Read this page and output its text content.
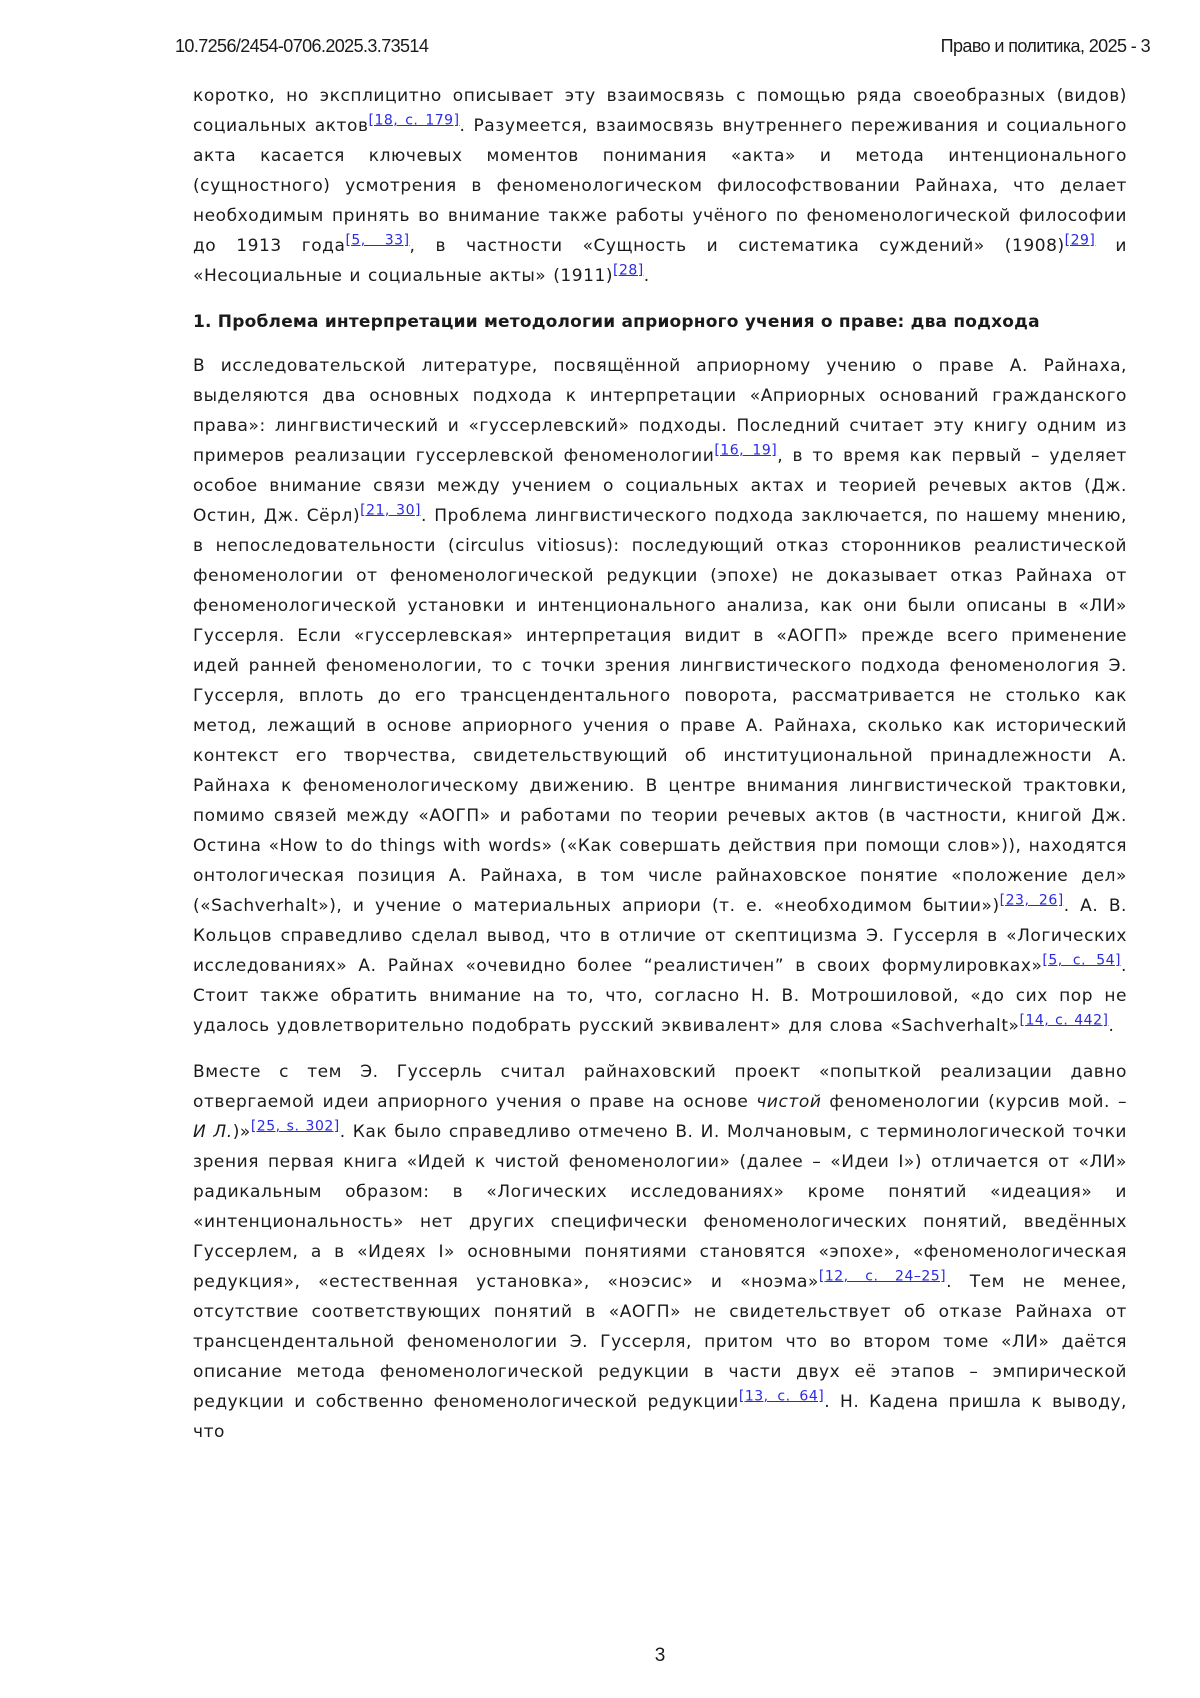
10.7256/2454-0706.2025.3.73514	Право и политика, 2025 - 3

коротко, но эксплицитно описывает эту взаимосвязь с помощью ряда своеобразных (видов) социальных актов[18, с. 179]. Разумеется, взаимосвязь внутреннего переживания и социального акта касается ключевых моментов понимания «акта» и метода интенционального (сущностного) усмотрения в феноменологическом философствовании Райнаха, что делает необходимым принять во внимание также работы учёного по феноменологической философии до 1913 года[5, 33], в частности «Сущность и систематика суждений» (1908)[29] и «Несоциальные и социальные акты» (1911)[28].

1. Проблема интерпретации методологии априорного учения о праве: два подхода

В исследовательской литературе, посвящённой априорному учению о праве А. Райнаха, выделяются два основных подхода к интерпретации «Априорных оснований гражданского права»: лингвистический и «гуссерлевский» подходы. Последний считает эту книгу одним из примеров реализации гуссерлевской феноменологии[16, 19], в то время как первый – уделяет особое внимание связи между учением о социальных актах и теорией речевых актов (Дж. Остин, Дж. Сёрл)[21, 30]. Проблема лингвистического подхода заключается, по нашему мнению, в непоследовательности (circulus vitiosus): последующий отказ сторонников реалистической феноменологии от феноменологической редукции (эпохе) не доказывает отказ Райнаха от феноменологической установки и интенционального анализа, как они были описаны в «ЛИ» Гуссерля. Если «гуссерлевская» интерпретация видит в «АОГП» прежде всего применение идей ранней феноменологии, то с точки зрения лингвистического подхода феноменология Э. Гуссерля, вплоть до его трансцендентального поворота, рассматривается не столько как метод, лежащий в основе априорного учения о праве А. Райнаха, сколько как исторический контекст его творчества, свидетельствующий об институциональной принадлежности А. Райнаха к феноменологическому движению. В центре внимания лингвистической трактовки, помимо связей между «АОГП» и работами по теории речевых актов (в частности, книгой Дж. Остина «How to do things with words» («Как совершать действия при помощи слов»)), находятся онтологическая позиция А. Райнаха, в том числе райнаховское понятие «положение дел» («Sachverhalt»), и учение о материальных априори (т. е. «необходимом бытии»)[23, 26]. А. В. Кольцов справедливо сделал вывод, что в отличие от скептицизма Э. Гуссерля в «Логических исследованиях» А. Райнах «очевидно более “реалистичен” в своих формулировках»[5, с. 54]. Стоит также обратить внимание на то, что, согласно Н. В. Мотрошиловой, «до сих пор не удалось удовлетворительно подобрать русский эквивалент» для слова «Sachverhalt»[14, с. 442].

Вместе с тем Э. Гуссерль считал райнаховский проект «попыткой реализации давно отвергаемой идеи априорного учения о праве на основе чистой феноменологии (курсив мой. – И Л.)»[25, s. 302]. Как было справедливо отмечено В. И. Молчановым, с терминологической точки зрения первая книга «Идей к чистой феноменологии» (далее – «Идеи I») отличается от «ЛИ» радикальным образом: в «Логических исследованиях» кроме понятий «идеация» и «интенциональность» нет других специфически феноменологических понятий, введённых Гуссерлем, а в «Идеях I» основными понятиями становятся «эпохе», «феноменологическая редукция», «естественная установка», «ноэсис» и «ноэма»[12, с. 24–25]. Тем не менее, отсутствие соответствующих понятий в «АОГП» не свидетельствует об отказе Райнаха от трансцендентальной феноменологии Э. Гуссерля, притом что во втором томе «ЛИ» даётся описание метода феноменологической редукции в части двух её этапов – эмпирической редукции и собственно феноменологической редукции[13, с. 64]. Н. Кадена пришла к выводу, что

3
